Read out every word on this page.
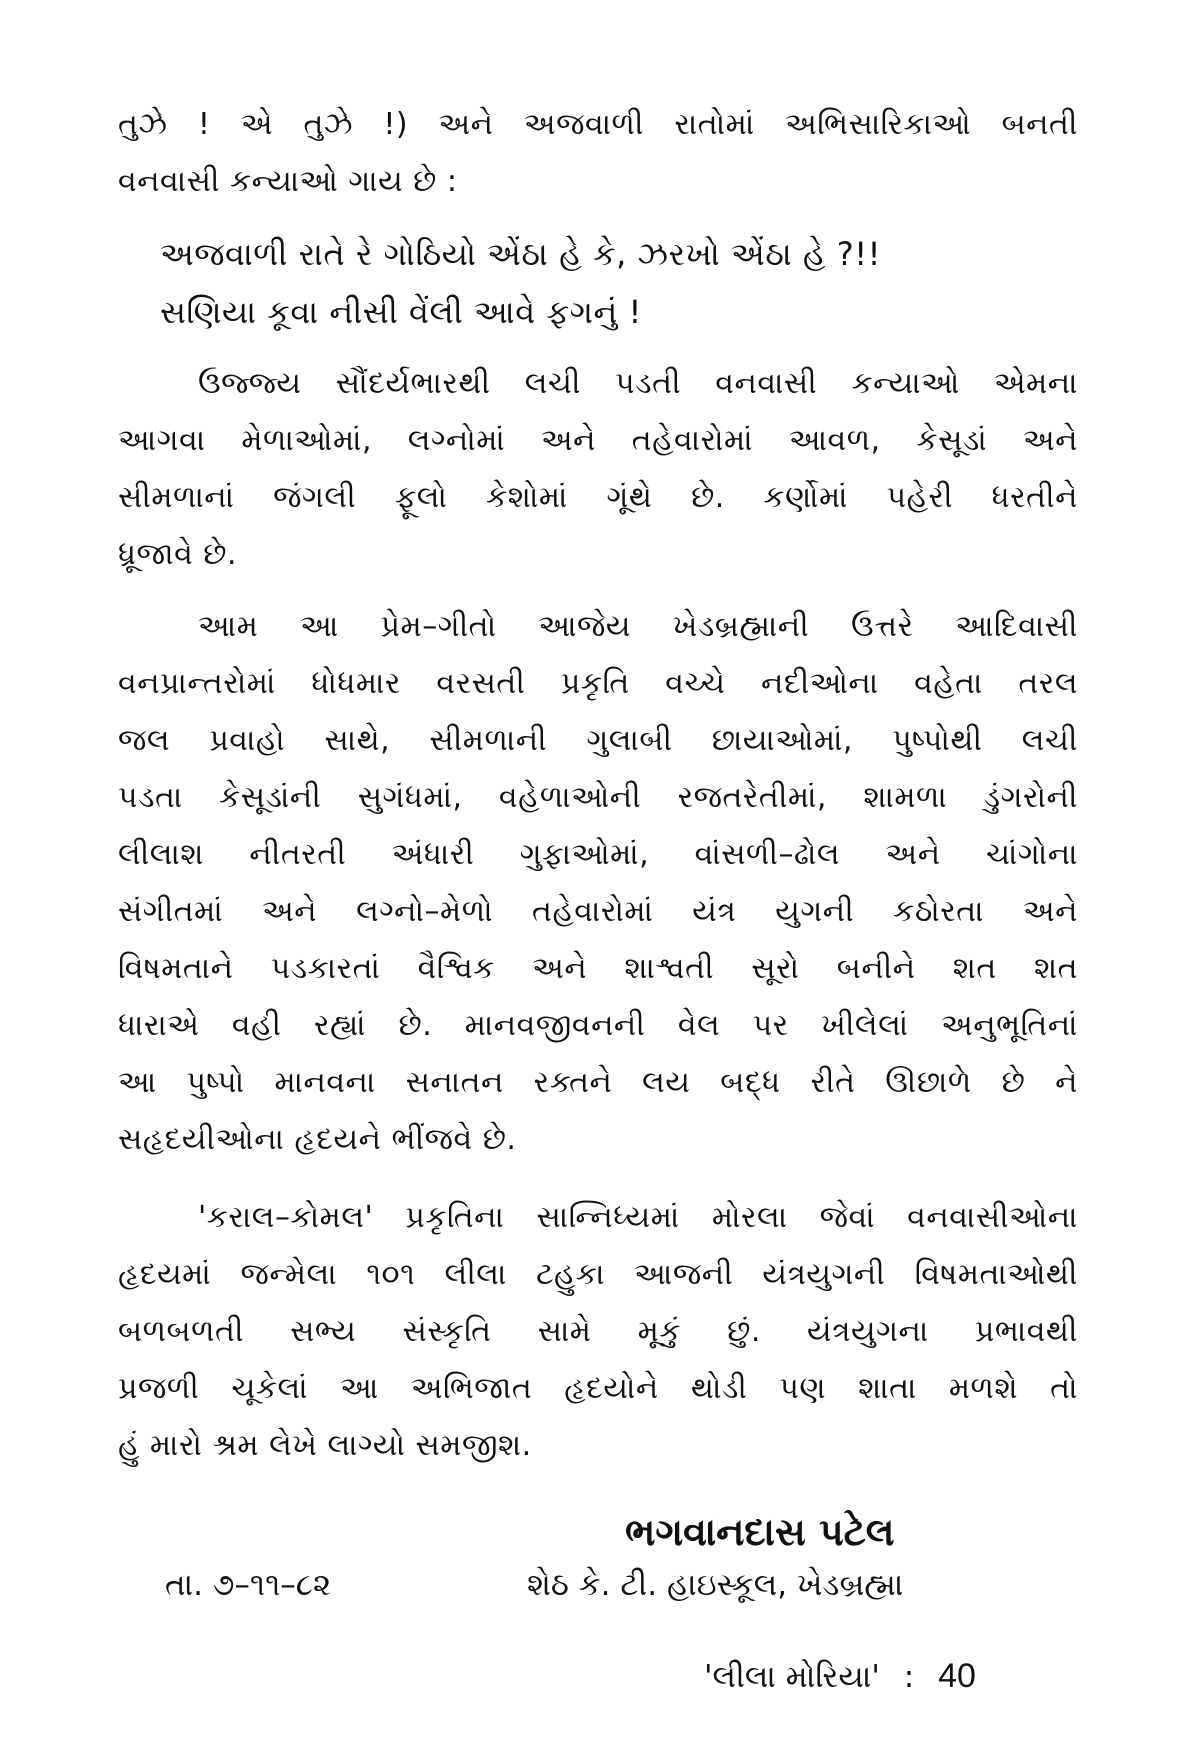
તુઝે ! એ તુઝે !) અને અજવાળી રાતોમાં અભિસારિકાઓ બનતી
વનવાસી કન્યાઓ ગાય છે :
અજવાળી રાતે રે ગોઠિયો એંઠા હે કે, ઝરખો એંઠા હે ?!!
સણિયા કૂવા નીસી વેંલી આવે ફગનું !
ઉજ્જ્ય સૌંદર્યભારથી લચી પડતી વનવાસી કન્યાઓ એમના
આગવા મેળાઓમાં, લગ્નોમાં અને તહેવારોમાં આવળ, કેસૂડાં અને
સીમળાનાં જંગલી ફૂલો કેશોમાં ગૂંથે છે. કર્ણોમાં પહેરી ધરતીને
ધ્રૂજાવે છે.
આમ આ પ્રેમ–ગીતો આજેય ખેડબ્રહ્માની ઉત્તરે આદિવાસી
વનપ્રાન્તરોમાં ધોધમાર વરસતી પ્રકૃતિ વચ્ચે નદીઓના વહેતા તરલ
જલ પ્રવાહો સાથે, સીમળાની ગુલાબી છાયાઓમાં, પુષ્પોથી લચી
પડતા કેસૂડાંની સુગંધમાં, વહેળાઓની રજતરેતીમાં, શામળા ડુંગરોની
લીલાશ નીતરતી અંધારી ગુફાઓમાં, વાંસળી–ઢોલ અને ચાંગોના
સંગીતમાં અને લગ્નો–મેળો તહેવારોમાં યંત્ર યુગની કઠોરતા અને
વિષમતાને પડકારતાં વૈશ્વિક અને શાશ્વતી સૂરો બનીને શત શત
ધારાએ વહી રહ્યાં છે. માનવજીવનની વેલ પર ખીલેલાં અનુભૂતિનાં
આ પુષ્પો માનવના સનાતન રક્તને લય બદ્ધ રીતે ઊછાળે છે ને
સહૃદયીઓના હૃદયને ભીંજવે છે.
'કરાલ–કોમલ' પ્રકૃતિના સાન્નિધ્યમાં મોરલા જેવાં વનવાસીઓના
હૃદયમાં જન્મેલા ૧૦૧ લીલા ટહુકા આજની યંત્રયુગની વિષમતાઓથી
બળબળતી સભ્ય સંસ્કૃતિ સામે મૂકું છું. યંત્રયુગના પ્રભાવથી
પ્રજળી ચૂકેલાં આ અભિજાત હૃદયોને થોડી પણ શાતા મળશે તો
હું મારો શ્રમ લેખે લાગ્યો સમજીશ.
ભગવાનદાસ પટેલ
તા. ૭–૧૧–૮૨	શેઠ કે. ટી. હાઇસ્કૂલ, ખેડબ્રહ્મા
'લીલા મોરિયા' : 40
